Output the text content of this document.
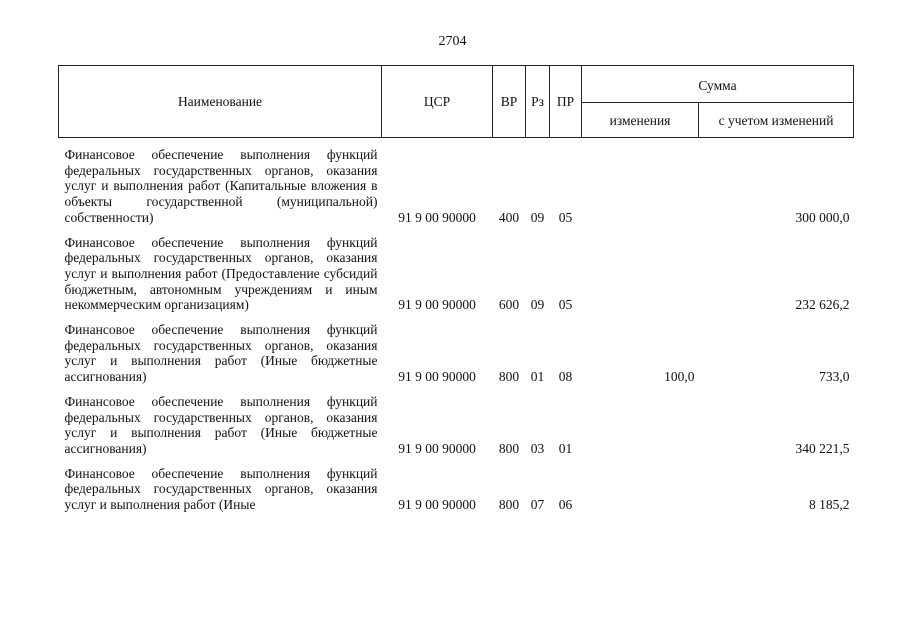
2704
Наименование	ЦСР	ВР	Рз	ПР	Сумма	
					изменения	с учетом изменений
Финансовое обеспечение выполнения функций федеральных государственных органов, оказания услуг и выполнения работ (Капитальные вложения в объекты государственной (муниципальной) собственности)	91 9 00 90000	400	09	05		300 000,0
Финансовое обеспечение выполнения функций федеральных государственных органов, оказания услуг и выполнения работ (Предоставление субсидий бюджетным, автономным учреждениям и иным некоммерческим организациям)	91 9 00 90000	600	09	05		232 626,2
Финансовое обеспечение выполнения функций федеральных государственных органов, оказания услуг и выполнения работ (Иные бюджетные ассигнования)	91 9 00 90000	800	01	08	100,0	733,0
Финансовое обеспечение выполнения функций федеральных государственных органов, оказания услуг и выполнения работ (Иные бюджетные ассигнования)	91 9 00 90000	800	03	01		340 221,5
Финансовое обеспечение выполнения функций федеральных государственных органов, оказания услуг и выполнения работ (Иные	91 9 00 90000	800	07	06		8 185,2
